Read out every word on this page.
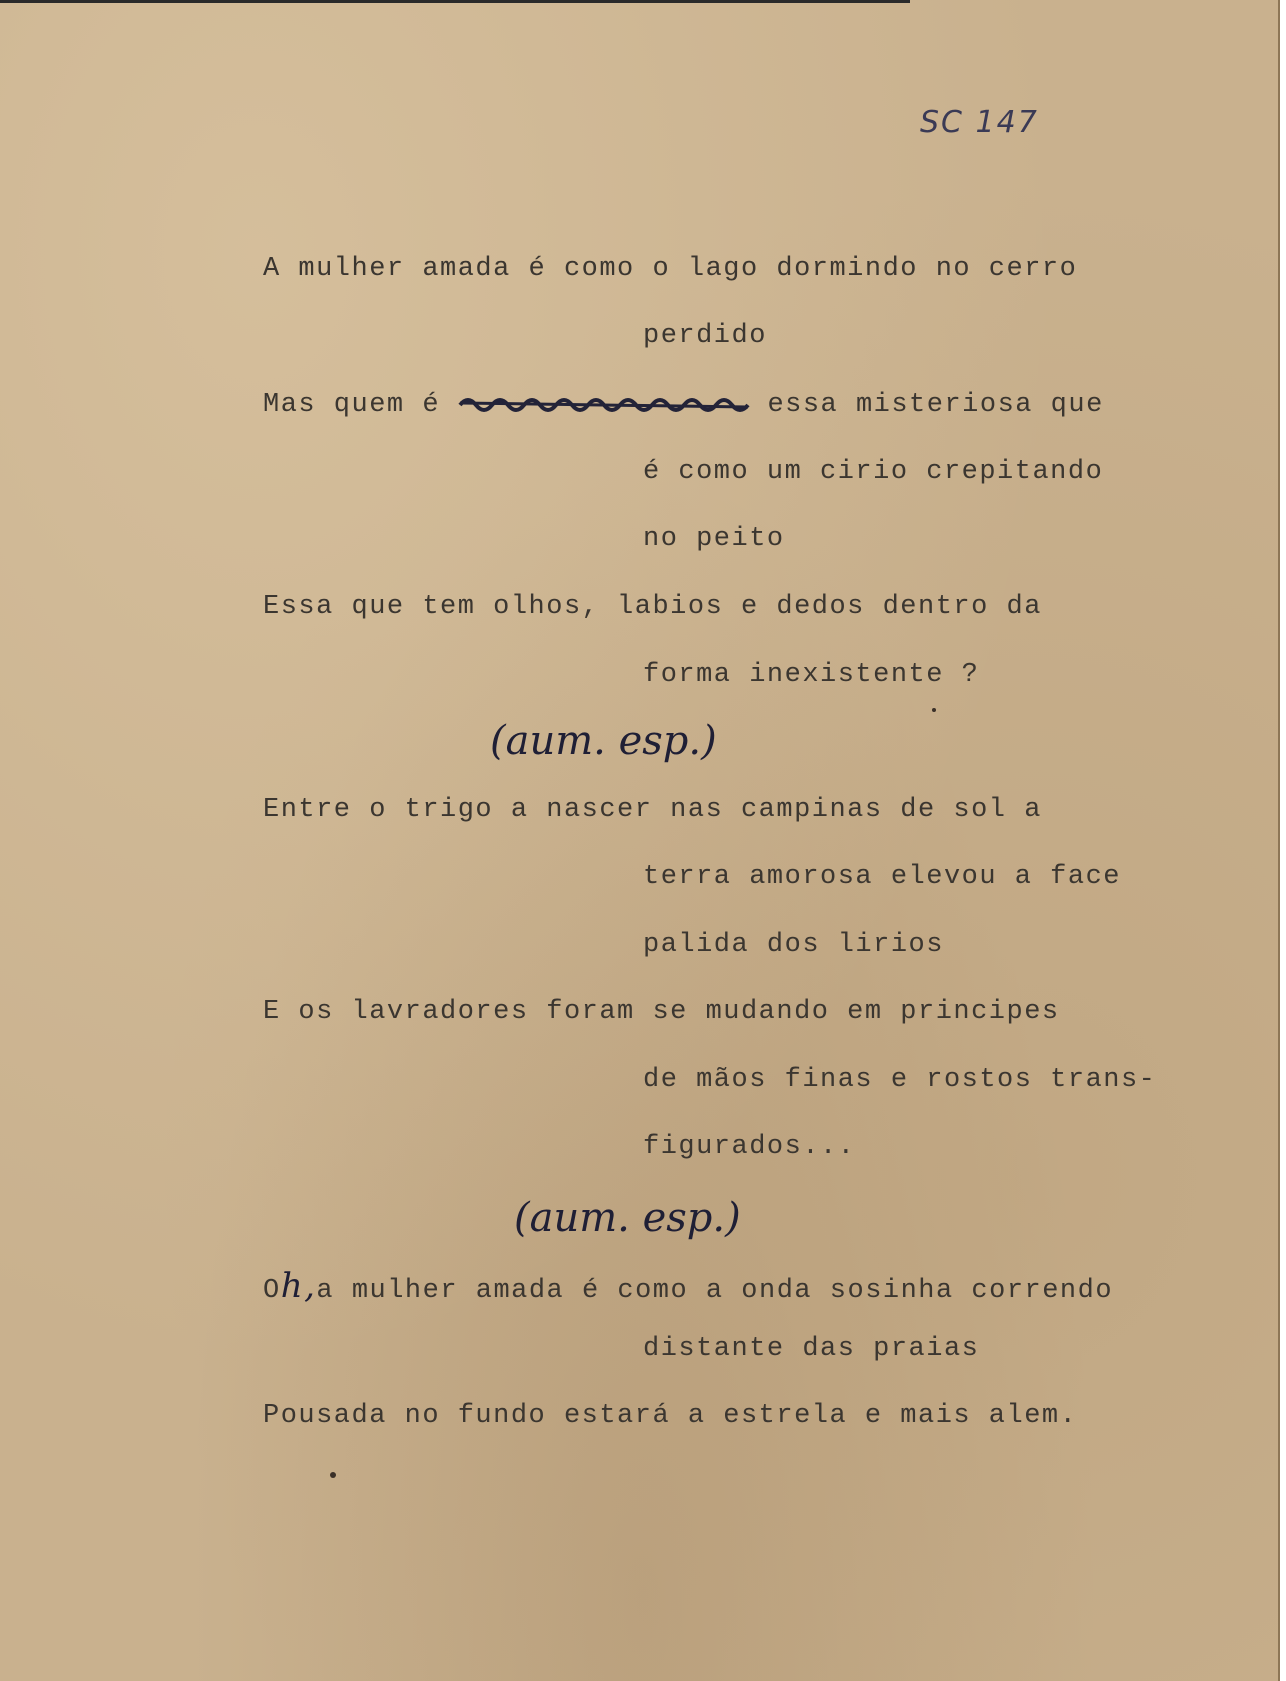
SC 147
A mulher amada é como o lago dormindo no cerro
perdido
Mas quem é	essa misteriosa que
é como um cirio crepitando
no peito
Essa que tem olhos, labios e dedos dentro da
forma inexistente ?
(aum. esp.)
Entre o trigo a nascer nas campinas de sol a
terra amorosa elevou a face
palida dos lirios
E os lavradores foram se mudando em principes
de mãos finas e rostos trans-
figurados...
(aum. esp.)
Oh,a mulher amada é como a onda sosinha correndo
distante das praias
Pousada no fundo estará a estrela e mais alem.
